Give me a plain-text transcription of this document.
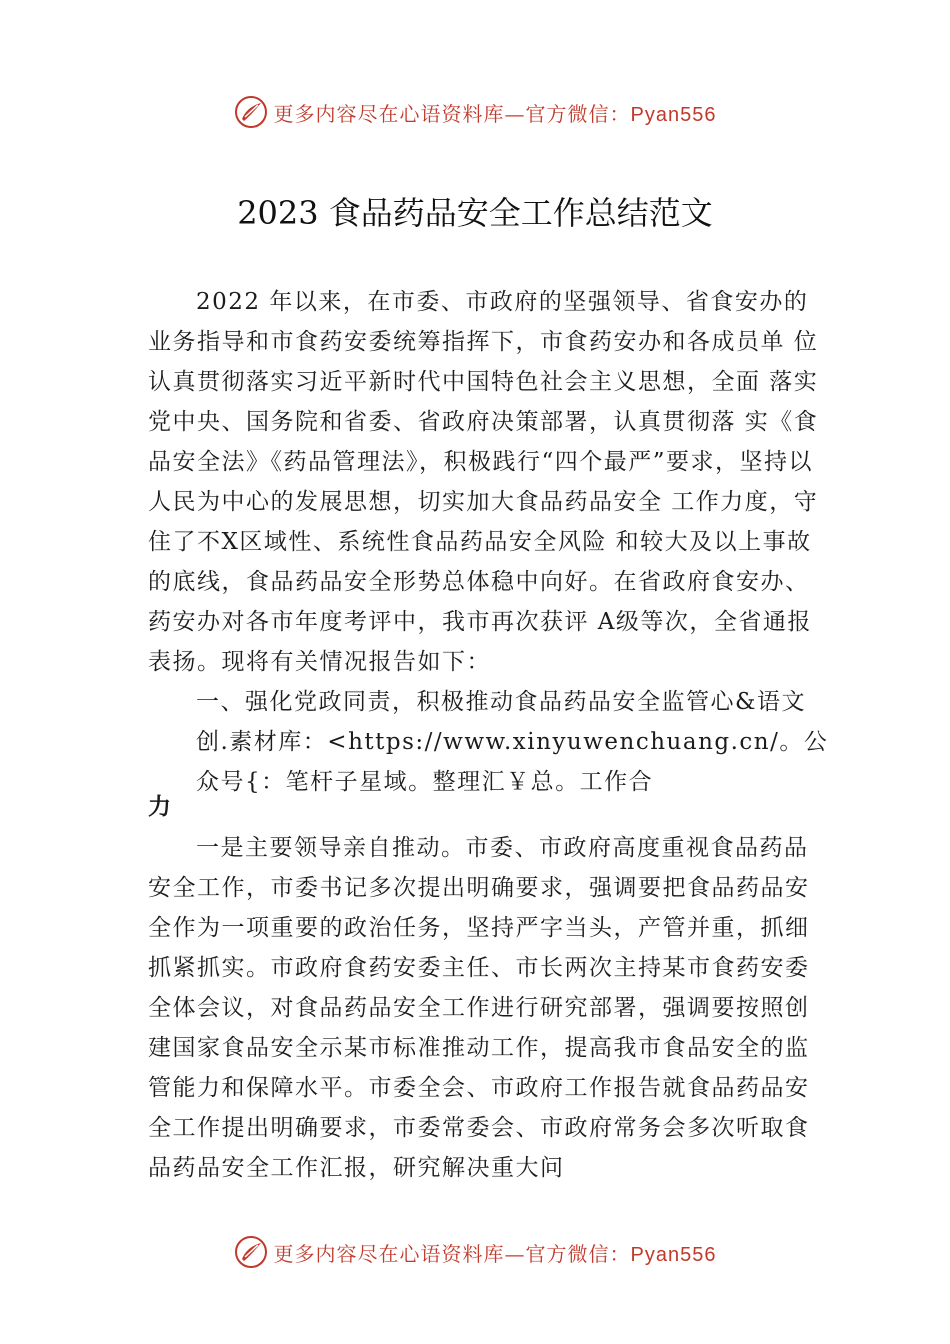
更多内容尽在心语资料库—官方微信：Pyan556
2023 食品药品安全工作总结范文
2022 年以来，在市委、市政府的坚强领导、省食安办的业务指导和市食药安委统筹指挥下，市食药安办和各成员单 位认真贯彻落实习近平新时代中国特色社会主义思想，全面 落实党中央、国务院和省委、省政府决策部署，认真贯彻落 实《食品安全法》《药品管理法》，积极践行“四个最严”要求，坚持以人民为中心的发展思想，切实加大食品药品安全 工作力度，守住了不X区域性、系统性食品药品安全风险 和较大及以上事故的底线，食品药品安全形势总体稳中向好。在省政府食安办、药安办对各市年度考评中，我市再次获评 A级等次，全省通报表扬。现将有关情况报告如下：
一、强化党政同责，积极推动食品药品安全监管心&语文创.素材库：<https://www.xinyuwenchuang.cn/。公众号{：笔杆子星域。整理汇￥总。工作合
力
一是主要领导亲自推动。市委、市政府高度重视食品药品安全工作，市委书记多次提出明确要求，强调要把食品药品安全作为一项重要的政治任务，坚持严字当头，产管并重，抓细抓紧抓实。市政府食药安委主任、市长两次主持某市食药安委全体会议，对食品药品安全工作进行研究部署，强调要按照创建国家食品安全示某市标准推动工作，提高我市食品安全的监管能力和保障水平。市委全会、市政府工作报告就食品药品安全工作提出明确要求，市委常委会、市政府常务会多次听取食品药品安全工作汇报，研究解决重大问
更多内容尽在心语资料库—官方微信：Pyan556
